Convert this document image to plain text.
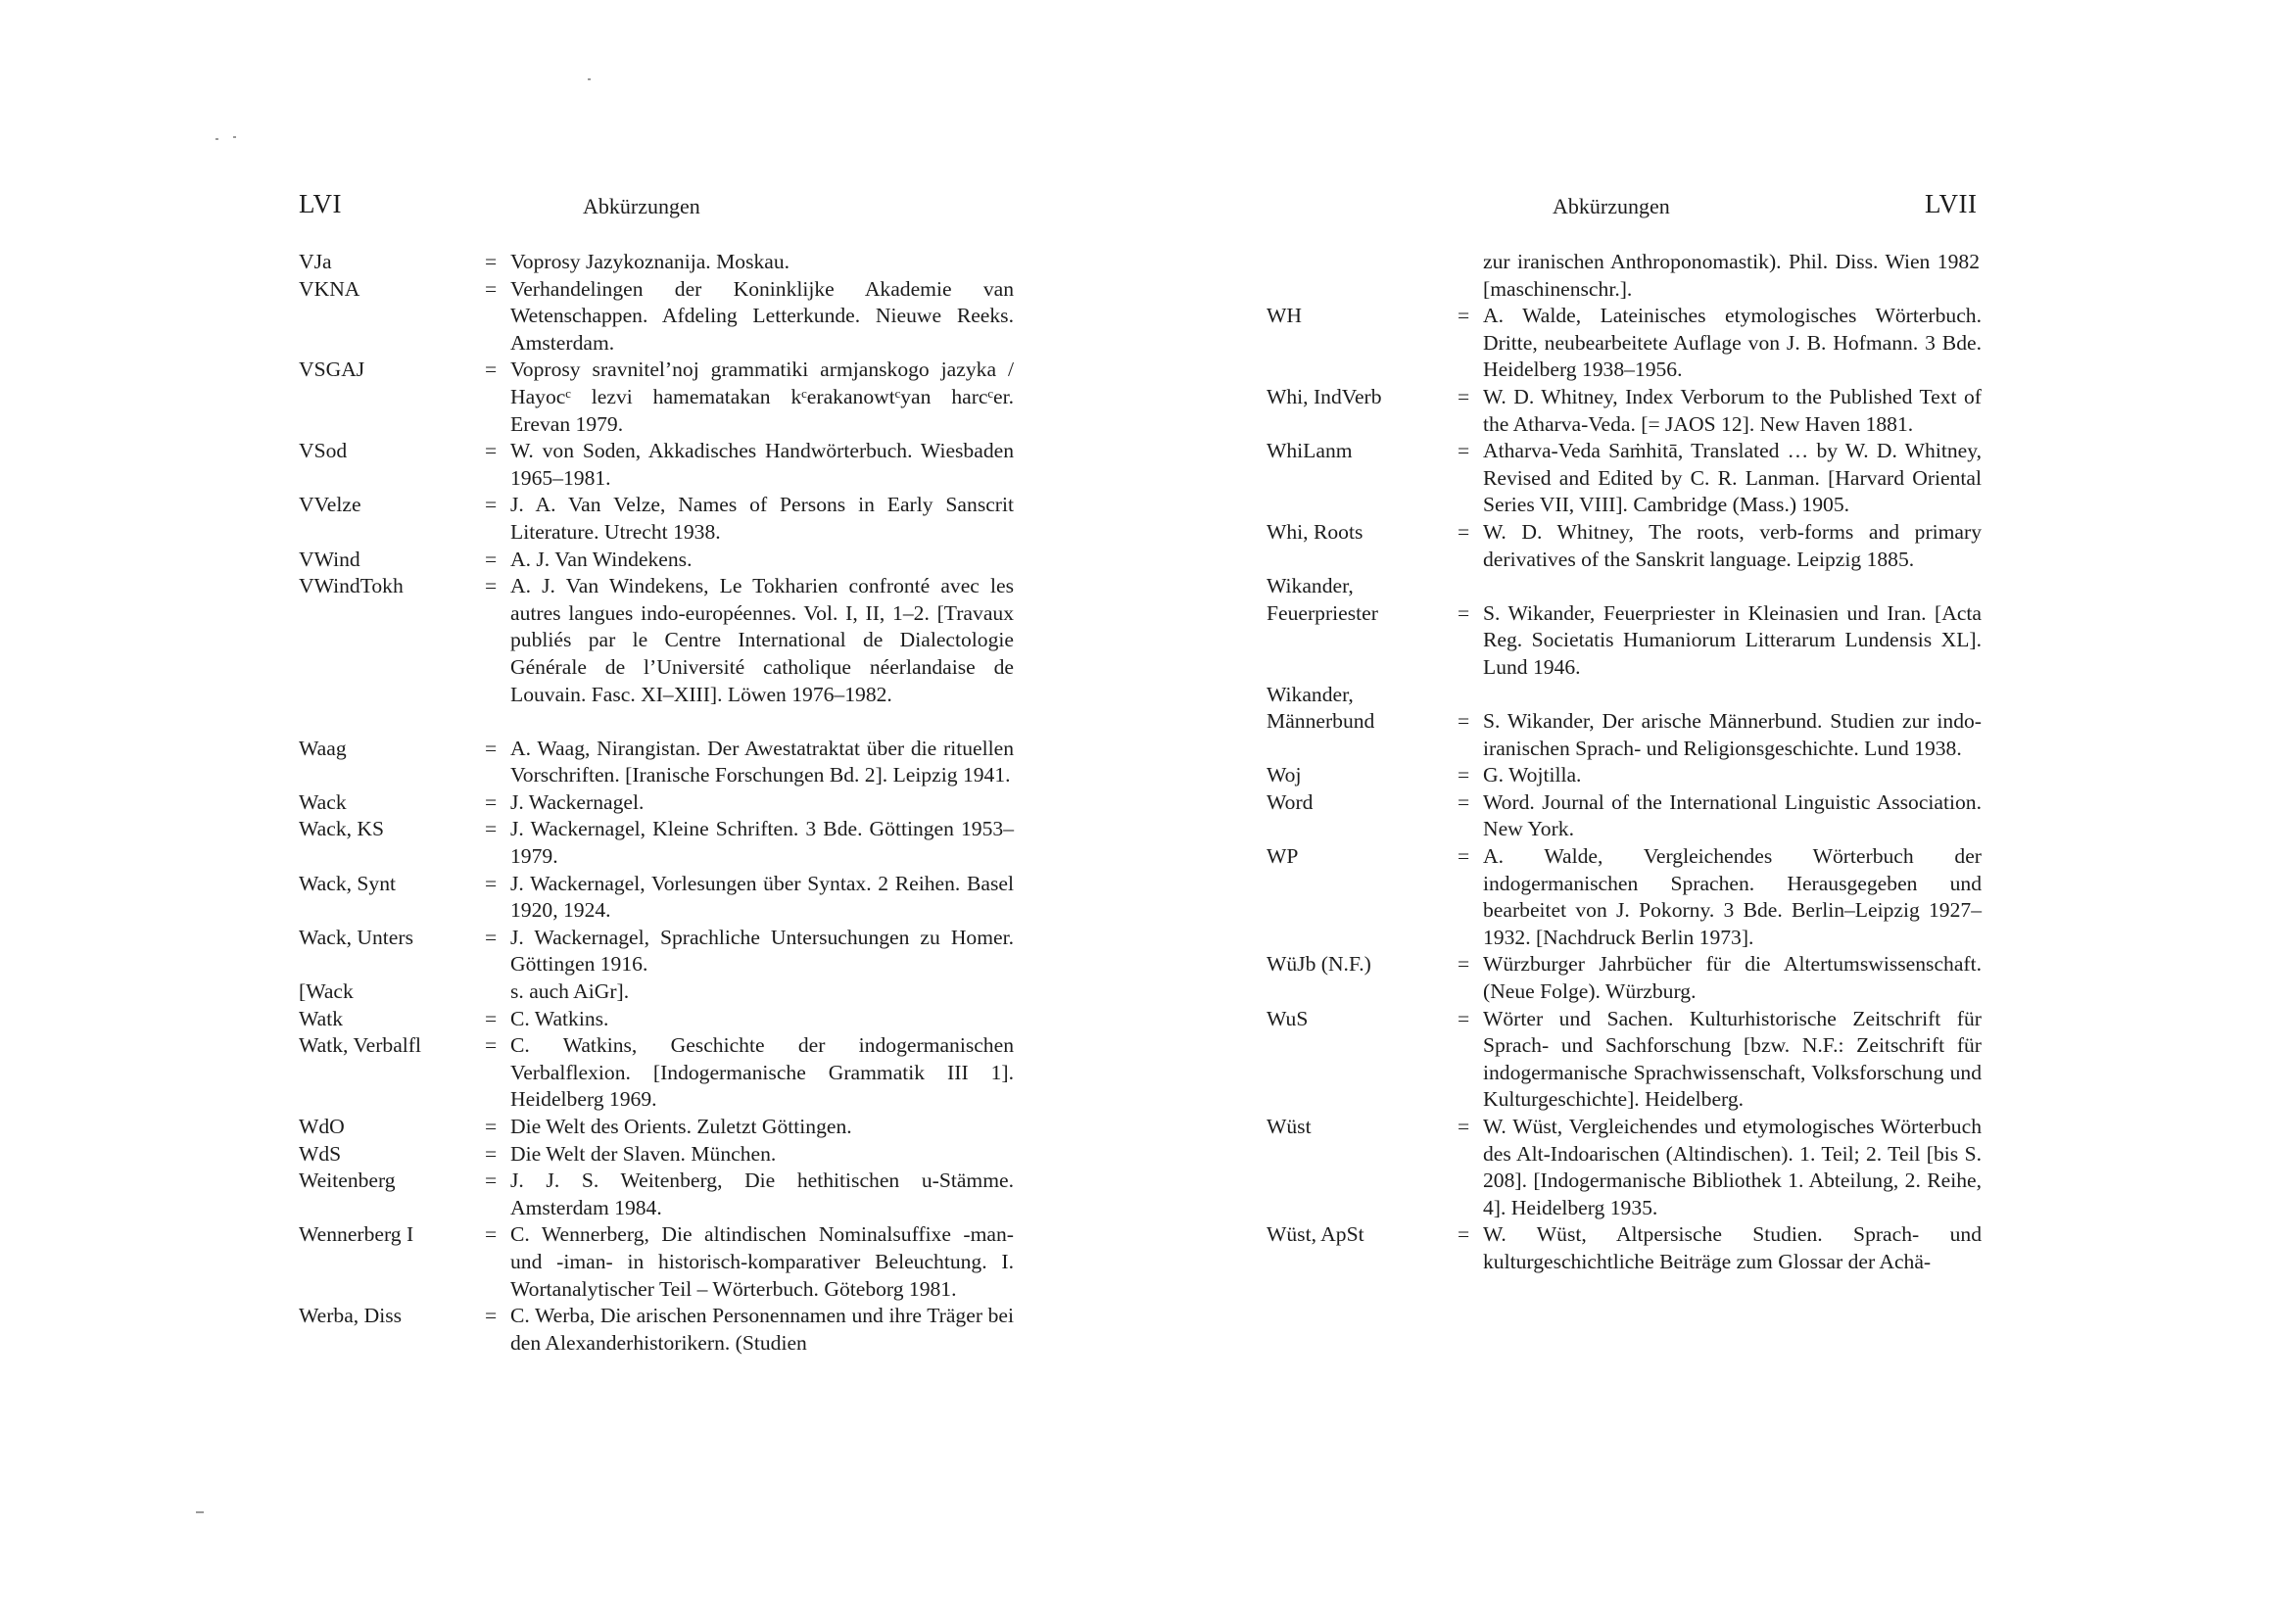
LVI	Abkürzungen
VJa	= Voprosy Jazykoznanija. Moskau.
VKNA	= Verhandelingen der Koninklijke Akademie van Wetenschappen. Afdeling Letterkunde. Nieuwe Reeks. Amsterdam.
VSGAJ	= Voprosy sravnitel’noj grammatiki armjanskogo jazyka / Hayocᶜ lezvi hamematakan kᶜerakanowtᶜyan harcᶜer. Erevan 1979.
VSod	= W. von Soden, Akkadisches Handwörterbuch. Wiesbaden 1965–1981.
VVelze	= J. A. Van Velze, Names of Persons in Early Sanscrit Literature. Utrecht 1938.
VWind	= A. J. Van Windekens.
VWindTokh	= A. J. Van Windekens, Le Tokharien confronté avec les autres langues indo-européennes. Vol. I, II, 1–2. [Travaux publiés par le Centre International de Dialectologie Générale de l’Université catholique néerlandaise de Louvain. Fasc. XI–XIII]. Löwen 1976–1982.
Waag	= A. Waag, Nirangistan. Der Awestatraktat über die rituellen Vorschriften. [Iranische Forschungen Bd. 2]. Leipzig 1941.
Wack	= J. Wackernagel.
Wack, KS	= J. Wackernagel, Kleine Schriften. 3 Bde. Göttingen 1953–1979.
Wack, Synt	= J. Wackernagel, Vorlesungen über Syntax. 2 Reihen. Basel 1920, 1924.
Wack, Unters	= J. Wackernagel, Sprachliche Untersuchungen zu Homer. Göttingen 1916.
[Wack	s. auch AiGr].
Watk	= C. Watkins.
Watk, Verbalfl	= C. Watkins, Geschichte der indogermanischen Verbalflexion. [Indogermanische Grammatik III 1]. Heidelberg 1969.
WdO	= Die Welt des Orients. Zuletzt Göttingen.
WdS	= Die Welt der Slaven. München.
Weitenberg	= J. J. S. Weitenberg, Die hethitischen u-Stämme. Amsterdam 1984.
Wennerberg I	= C. Wennerberg, Die altindischen Nominalsuffixe -man- und -iman- in historisch-komparativer Beleuchtung. I. Wortanalytischer Teil – Wörterbuch. Göteborg 1981.
Werba, Diss	= C. Werba, Die arischen Personennamen und ihre Träger bei den Alexanderhistorikern. (Studien
Abkürzungen	LVII
zur iranischen Anthroponomastik). Phil. Diss. Wien 1982 [maschinenschr.].
WH	= A. Walde, Lateinisches etymologisches Wörterbuch. Dritte, neubearbeitete Auflage von J. B. Hofmann. 3 Bde. Heidelberg 1938–1956.
Whi, IndVerb	= W. D. Whitney, Index Verborum to the Published Text of the Atharva-Veda. [= JAOS 12]. New Haven 1881.
WhiLanm	= Atharva-Veda Saṁhitā, Translated … by W. D. Whitney, Revised and Edited by C. R. Lanman. [Harvard Oriental Series VII, VIII]. Cambridge (Mass.) 1905.
Whi, Roots	= W. D. Whitney, The roots, verb-forms and primary derivatives of the Sanskrit language. Leipzig 1885.
Wikander,
Feuerpriester	= S. Wikander, Feuerpriester in Kleinasien und Iran. [Acta Reg. Societatis Humaniorum Litterarum Lundensis XL]. Lund 1946.
Wikander,
Männerbund	= S. Wikander, Der arische Männerbund. Studien zur indo-iranischen Sprach- und Religionsgeschichte. Lund 1938.
Woj	= G. Wojtilla.
Word	= Word. Journal of the International Linguistic Association. New York.
WP	= A. Walde, Vergleichendes Wörterbuch der indogermanischen Sprachen. Herausgegeben und bearbeitet von J. Pokorny. 3 Bde. Berlin–Leipzig 1927–1932. [Nachdruck Berlin 1973].
WüJb (N.F.)	= Würzburger Jahrbücher für die Altertumswissenschaft. (Neue Folge). Würzburg.
WuS	= Wörter und Sachen. Kulturhistorische Zeitschrift für Sprach- und Sachforschung [bzw. N.F.: Zeitschrift für indogermanische Sprachwissenschaft, Volksforschung und Kulturgeschichte]. Heidelberg.
Wüst	= W. Wüst, Vergleichendes und etymologisches Wörterbuch des Alt-Indoarischen (Altindischen). 1. Teil; 2. Teil [bis S. 208]. [Indogermanische Bibliothek 1. Abteilung, 2. Reihe, 4]. Heidelberg 1935.
Wüst, ApSt	= W. Wüst, Altpersische Studien. Sprach- und kulturgeschichtliche Beiträge zum Glossar der Achä-
